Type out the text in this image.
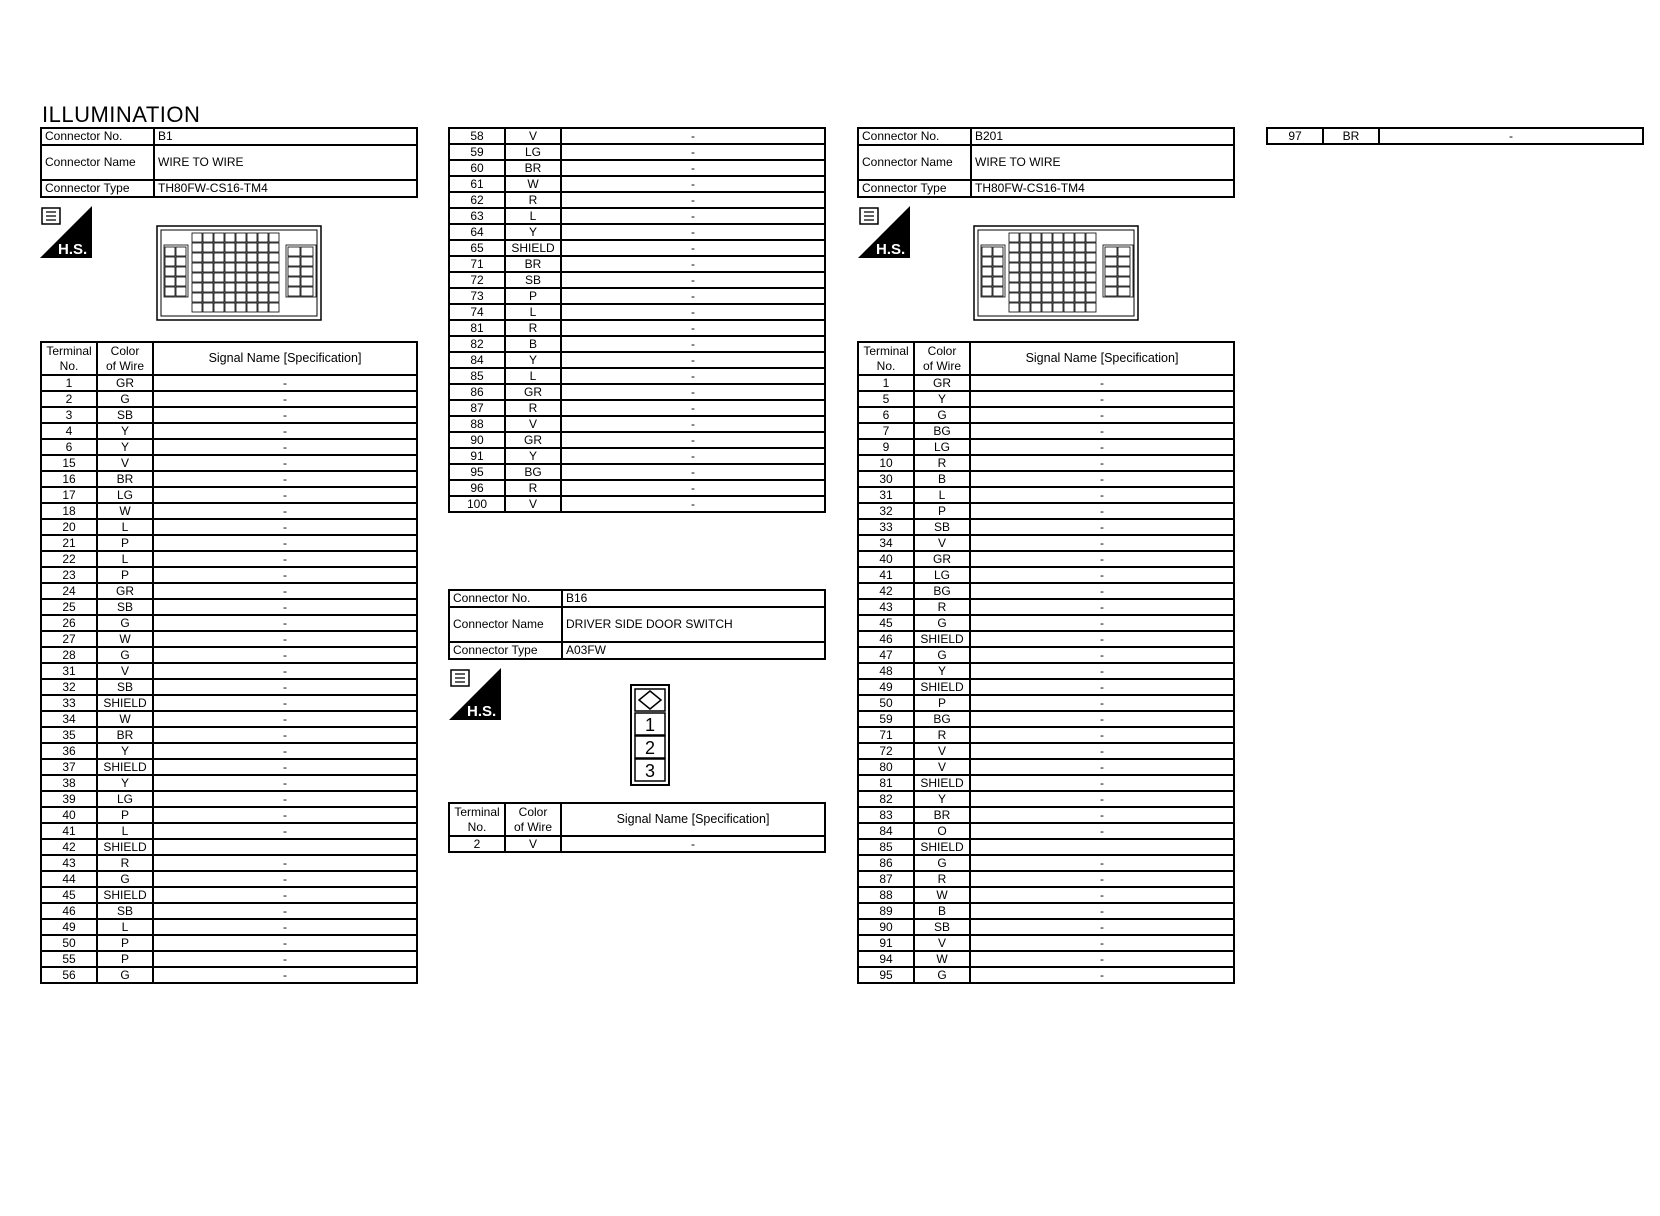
ILLUMINATION
Connector No.	B1
Connector Name	WIRE TO WIRE
Connector Type	TH80FW-CS16-TM4
H.S.
Terminal
No.	Color
of Wire	Signal Name [Specification]
1	GR	-
2	G	-
3	SB	-
4	Y	-
6	Y	-
15	V	-
16	BR	-
17	LG	-
18	W	-
20	L	-
21	P	-
22	L	-
23	P	-
24	GR	-
25	SB	-
26	G	-
27	W	-
28	G	-
31	V	-
32	SB	-
33	SHIELD	-
34	W	-
35	BR	-
36	Y	-
37	SHIELD	-
38	Y	-
39	LG	-
40	P	-
41	L	-
42	SHIELD	
43	R	-
44	G	-
45	SHIELD	-
46	SB	-
49	L	-
50	P	-
55	P	-
56	G	-
58	V	-
59	LG	-
60	BR	-
61	W	-
62	R	-
63	L	-
64	Y	-
65	SHIELD	-
71	BR	-
72	SB	-
73	P	-
74	L	-
81	R	-
82	B	-
84	Y	-
85	L	-
86	GR	-
87	R	-
88	V	-
90	GR	-
91	Y	-
95	BG	-
96	R	-
100	V	-
Connector No.	B16
Connector Name	DRIVER SIDE DOOR SWITCH
Connector Type	A03FW
H.S.
1
2
3
Terminal
No.	Color
of Wire	Signal Name [Specification]
2	V	-
Connector No.	B201
Connector Name	WIRE TO WIRE
Connector Type	TH80FW-CS16-TM4
H.S.
Terminal
No.	Color
of Wire	Signal Name [Specification]
1	GR	-
5	Y	-
6	G	-
7	BG	-
9	LG	-
10	R	-
30	B	-
31	L	-
32	P	-
33	SB	-
34	V	-
40	GR	-
41	LG	-
42	BG	-
43	R	-
45	G	-
46	SHIELD	-
47	G	-
48	Y	-
49	SHIELD	-
50	P	-
59	BG	-
71	R	-
72	V	-
80	V	-
81	SHIELD	-
82	Y	-
83	BR	-
84	O	-
85	SHIELD	
86	G	-
87	R	-
88	W	-
89	B	-
90	SB	-
91	V	-
94	W	-
95	G	-
97	BR	-
